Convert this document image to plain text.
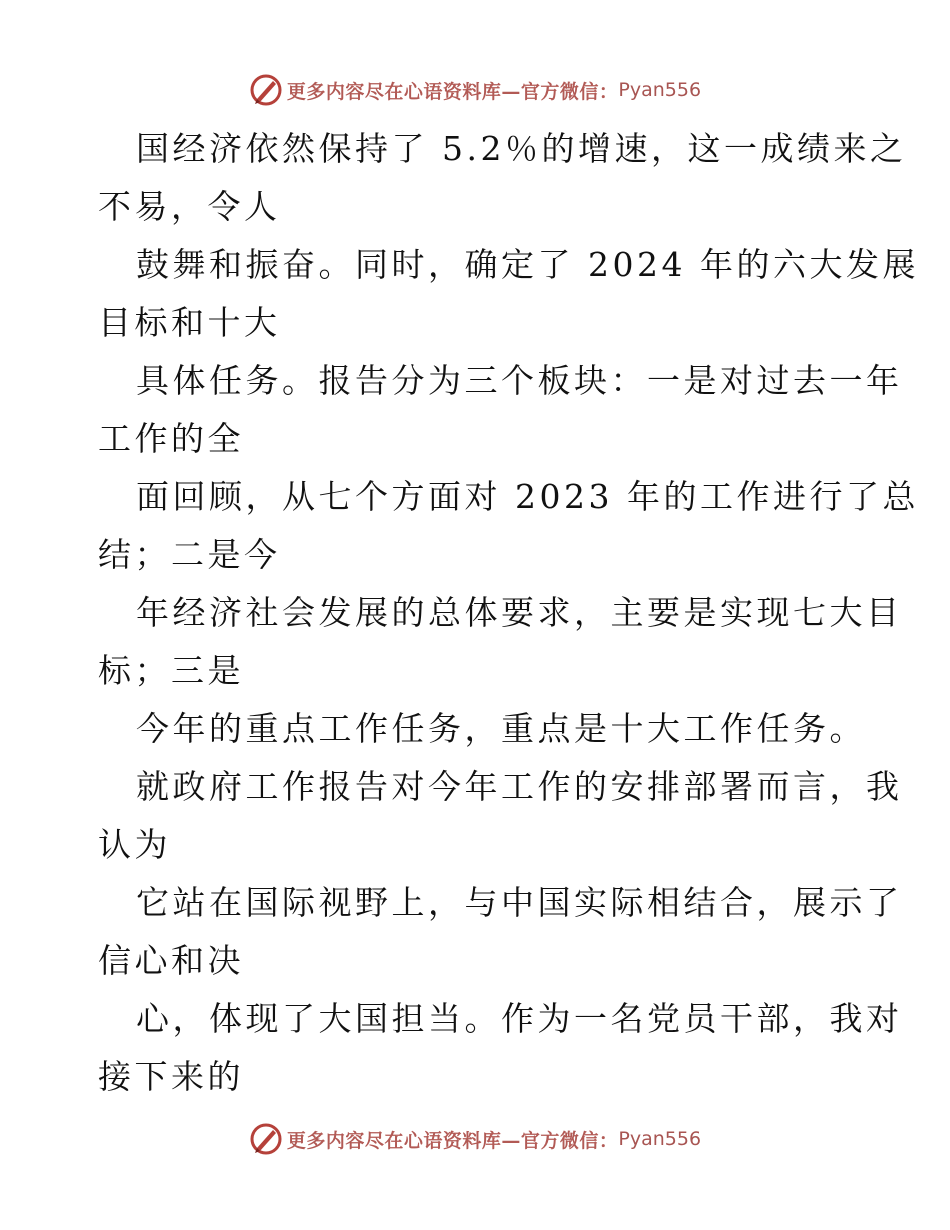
更多内容尽在心语资料库—官方微信： Pyan556
国经济依然保持了 5.2％的增速，这一成绩来之
不易，令人
鼓舞和振奋。同时，确定了 2024 年的六大发展
目标和十大
具体任务。报告分为三个板块：一是对过去一年
工作的全
面回顾，从七个方面对 2023 年的工作进行了总
结；二是今
年经济社会发展的总体要求，主要是实现七大目
标；三是
今年的重点工作任务，重点是十大工作任务。
就政府工作报告对今年工作的安排部署而言，我
认为
它站在国际视野上，与中国实际相结合，展示了
信心和决
心，体现了大国担当。作为一名党员干部，我对
接下来的
更多内容尽在心语资料库—官方微信： Pyan556
